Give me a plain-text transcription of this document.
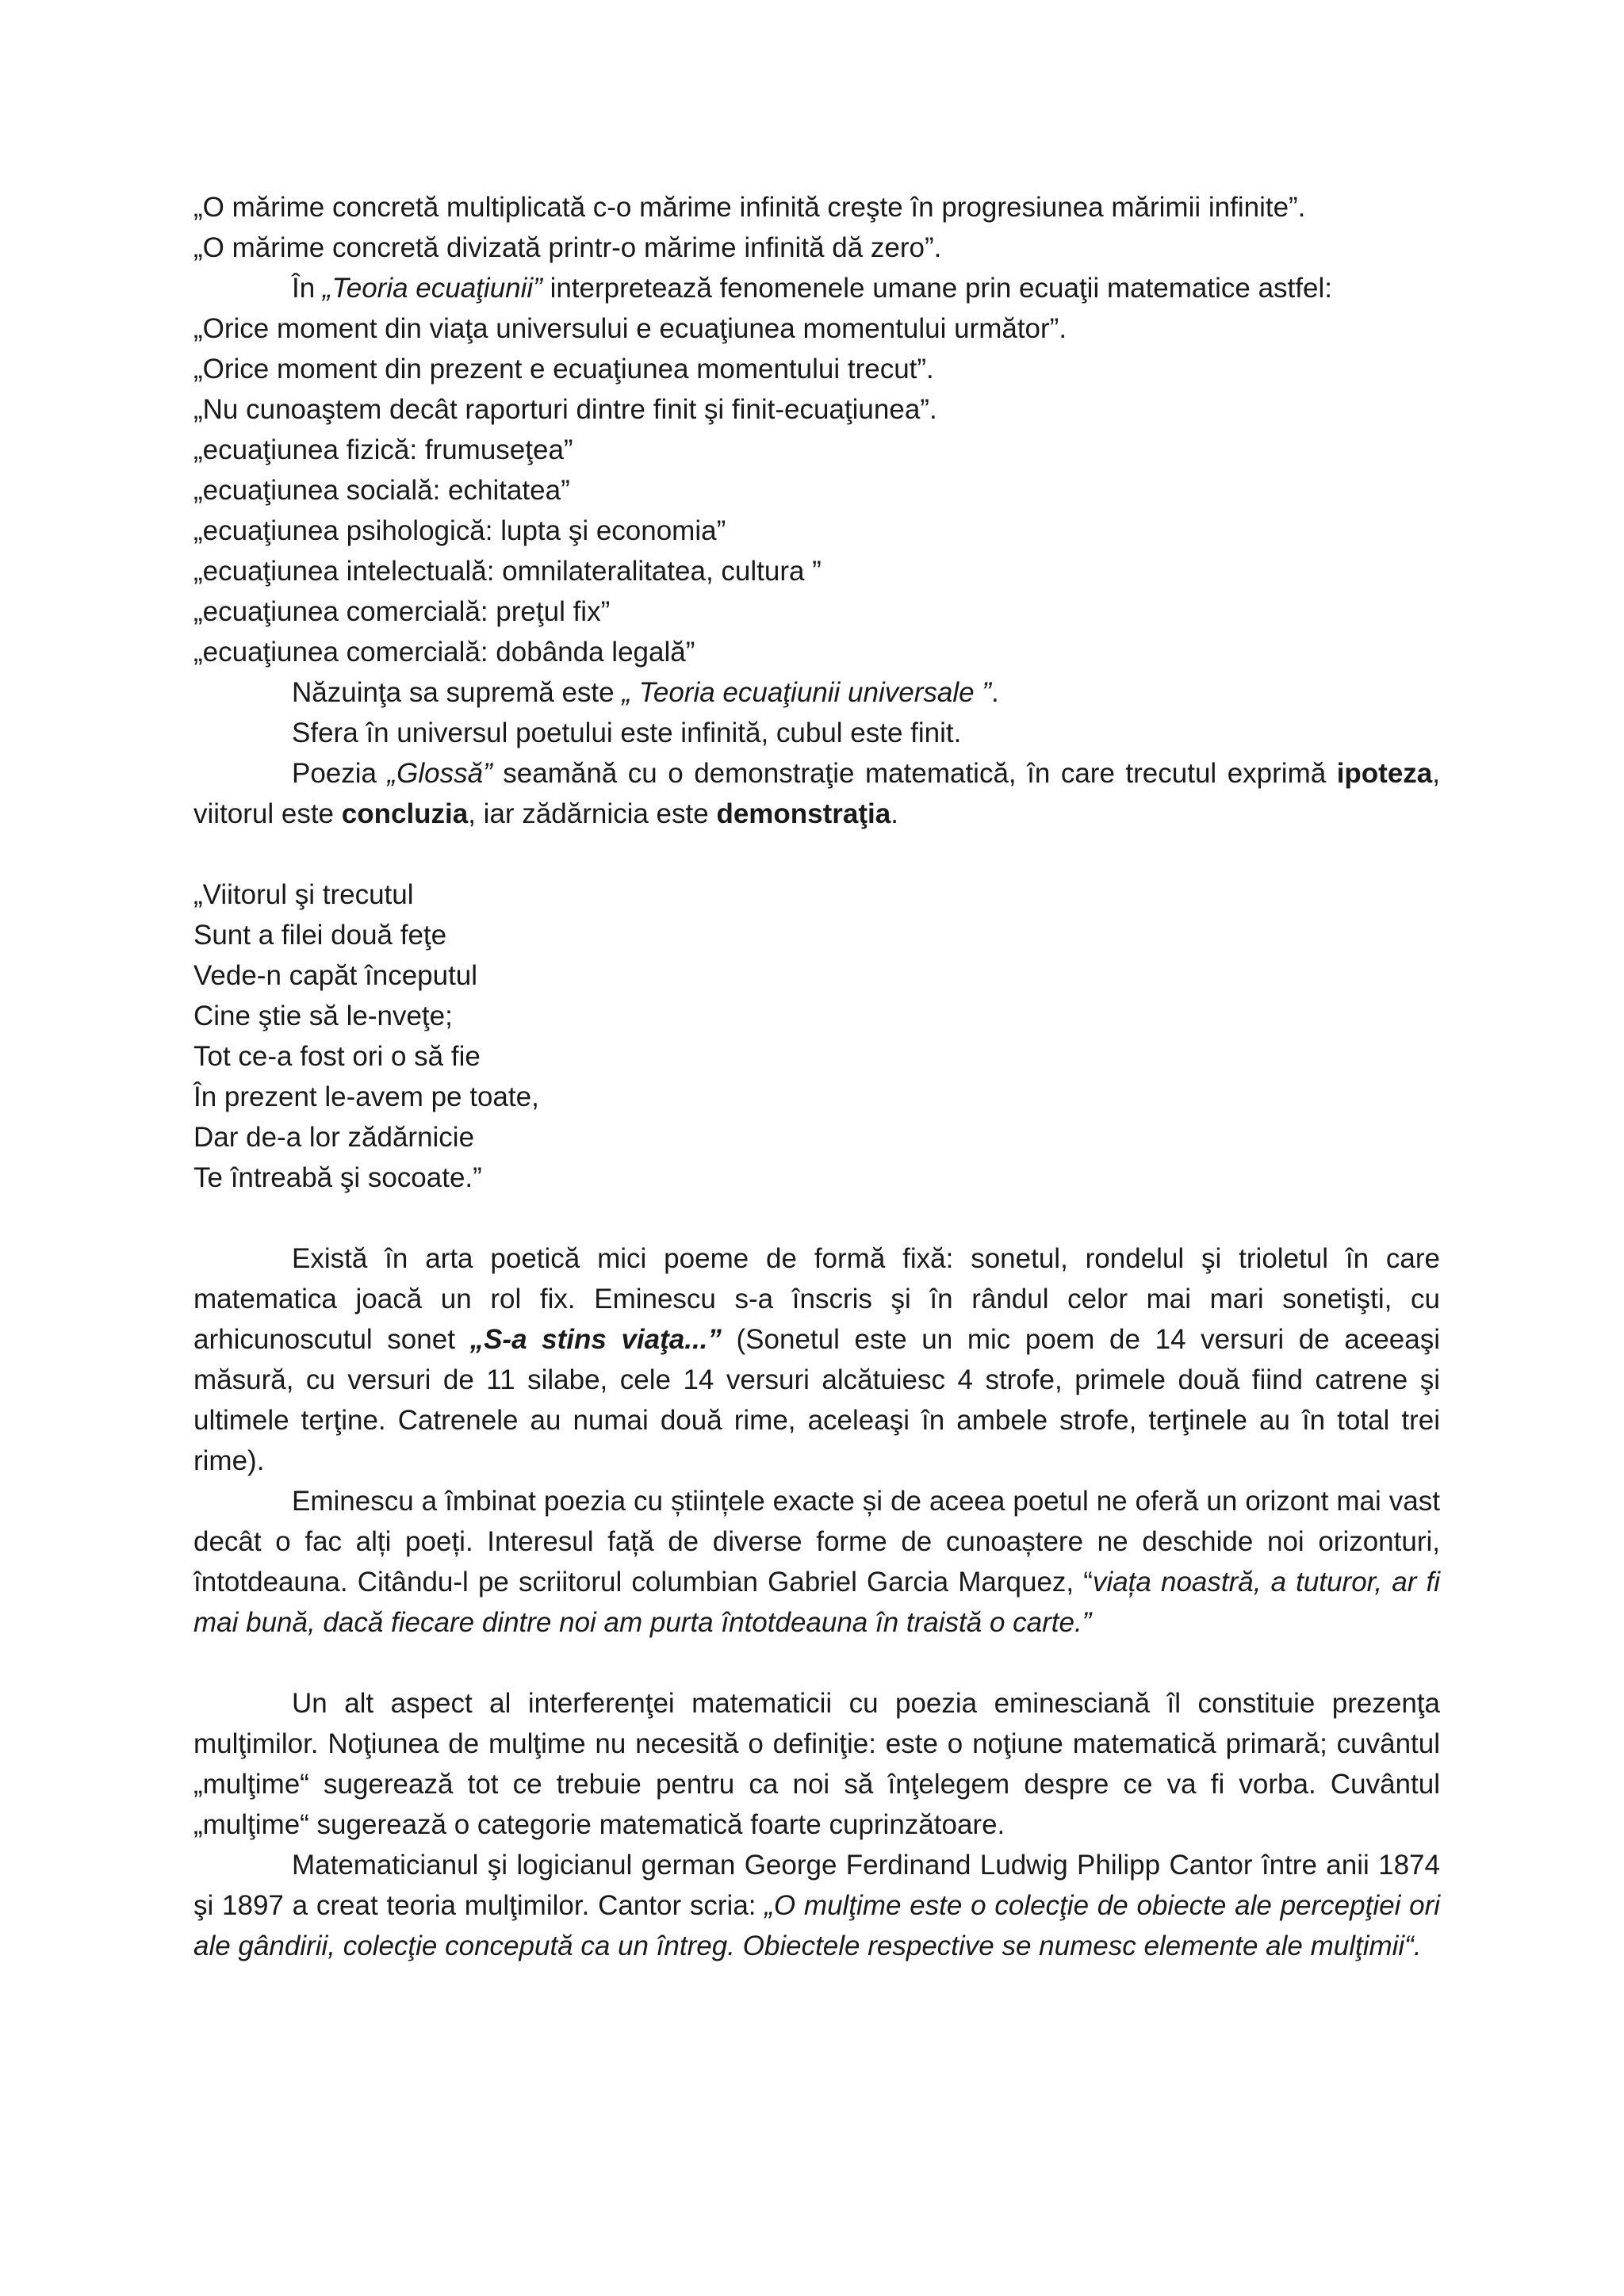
„O mărime concretă multiplicată c-o mărime infinită creşte în progresiunea mărimii infinite”.
„O mărime concretă divizată printr-o mărime infinită dă zero”.
În „Teoria ecuaţiunii” interpretează fenomenele umane prin ecuaţii matematice astfel:
„Orice moment din viaţa universului e ecuaţiunea momentului următor”.
„Orice moment din prezent e ecuaţiunea momentului trecut”.
„Nu cunoaştem decât raporturi dintre finit şi finit-ecuaţiunea”.
„ecuaţiunea fizică: frumuseţea”
„ecuaţiunea socială: echitatea”
„ecuaţiunea psihologică: lupta şi economia”
„ecuaţiunea intelectuală: omnilateralitatea, cultura ”
„ecuaţiunea comercială: preţul fix”
„ecuaţiunea comercială: dobânda legală”
Năzuinţa sa supremă este „ Teoria ecuaţiunii universale ”.
Sfera în universul poetului este infinită, cubul este finit.
Poezia „Glossă” seamănă cu o demonstraţie matematică, în care trecutul exprimă ipoteza, viitorul este concluzia, iar zădărnicia este demonstraţia.
„Viitorul şi trecutul
Sunt a filei două feţe
Vede-n capăt începutul
Cine ştie să le-nveţe;
Tot ce-a fost ori o să fie
În prezent le-avem pe toate,
Dar de-a lor zădărnicie
Te întreabă şi socoate.”
Există în arta poetică mici poeme de formă fixă: sonetul, rondelul şi trioletul în care matematica joacă un rol fix. Eminescu s-a înscris şi în rândul celor mai mari sonetişti, cu arhicunoscutul sonet „S-a stins viaţa...” (Sonetul este un mic poem de 14 versuri de aceeaşi măsură, cu versuri de 11 silabe, cele 14 versuri alcătuiesc 4 strofe, primele două fiind catrene şi ultimele terţine. Catrenele au numai două rime, aceleaşi în ambele strofe, terţinele au în total trei rime).
Eminescu a îmbinat poezia cu științele exacte și de aceea poetul ne oferă un orizont mai vast decât o fac alți poeți. Interesul față de diverse forme de cunoaștere ne deschide noi orizonturi, întotdeauna. Citându-l pe scriitorul columbian Gabriel Garcia Marquez, “viața noastră, a tuturor, ar fi mai bună, dacă fiecare dintre noi am purta întotdeauna în traistă o carte.”
Un alt aspect al interferenţei matematicii cu poezia eminesciană îl constituie prezenţa mulţimilor. Noţiunea de mulţime nu necesită o definiţie: este o noţiune matematică primară; cuvântul „mulţime“ sugerează tot ce trebuie pentru ca noi să înţelegem despre ce va fi vorba. Cuvântul „mulţime“ sugerează o categorie matematică foarte cuprinzătoare.
Matematicianul şi logicianul german George Ferdinand Ludwig Philipp Cantor între anii 1874 şi 1897 a creat teoria mulţimilor. Cantor scria: „O mulţime este o colecţie de obiecte ale percepţiei ori ale gândirii, colecţie concepută ca un întreg. Obiectele respective se numesc elemente ale mulţimii“.
